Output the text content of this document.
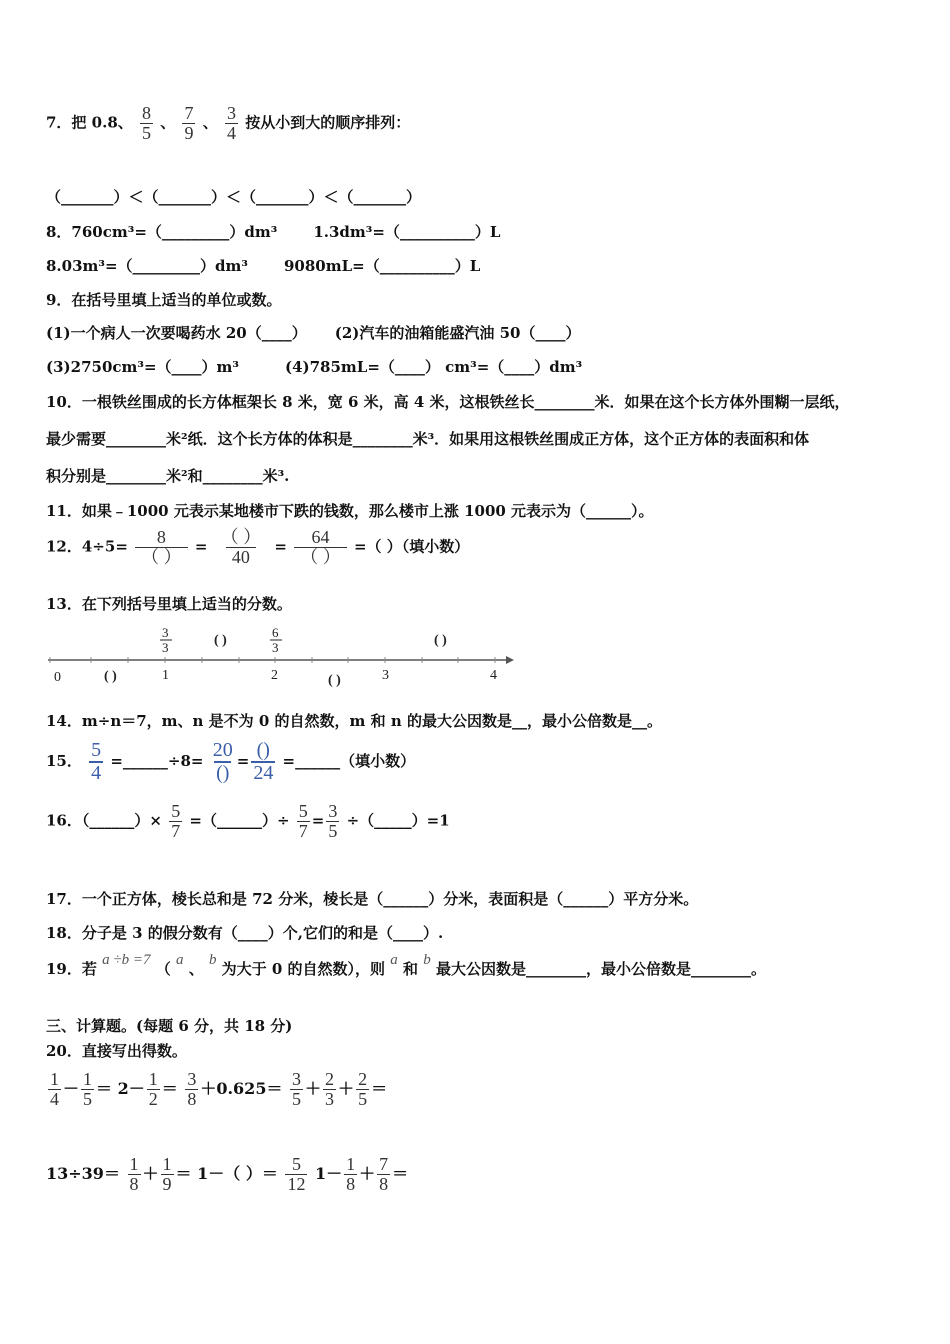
7．把 0.8、 $\frac{8}{5}$ 、 $\frac{7}{9}$ 、 $\frac{3}{4}$ 按从小到大的顺序排列：
（_______）＜（_______）＜（_______）＜（_______）
8．760cm³=（_________）dm³ 1.3dm³=（__________）L
8.03m³=（_________）dm³ 9080mL=（__________）L
9．在括号里填上适当的单位或数。
(1)一个病人一次要喝药水 20（____） (2)汽车的油箱能盛汽油 50（____）
(3)2750cm³=（____）m³	(4)785mL=（____） cm³=（____）dm³
10．一根铁丝围成的长方体框架长 8 米，宽 6 米，高 4 米，这根铁丝长________米．如果在这个长方体外围糊一层纸，
最少需要________米²纸．这个长方体的体积是________米³．如果用这根铁丝围成正方体，这个正方体的表面积和体
积分别是________米²和________米³.
11．如果﹣1000 元表示某地楼市下跌的钱数，那么楼市上涨 1000 元表示为（______）。
12．$4\div 5= \frac{8}{( )} = \frac{( )}{40} = \frac{64}{( )}$ =（ ）（填小数）
13．在下列括号里填上适当的分数。
0	1	2	3	4
3
3
6
3
( )	( )
( )	( )
14．m÷n＝7，m、n 是不为 0 的自然数，m 和 n 的最大公因数是__，最小公倍数是__。
15． $\frac{5}{4}$ =______÷8= $\frac{20}{()} = \frac{()}{24}$ =______（填小数）
16．（______）× $\frac{5}{7}$ =（______）÷ $\frac{5}{7} = \frac{3}{5}$ ÷（_____）=1
17．一个正方体，棱长总和是 72 分米，棱长是（______）分米，表面积是（______）平方分米。
18．分子是 3 的假分数有（____）个,它们的和是（____）.
19．若 a ÷b =7 （ a 、 b 为大于 0 的自然数），则 a 和 b 最大公因数是________，最小公倍数是________。
三、计算题。(每题 6 分，共 18 分)
20．直接写出得数。
$\frac{1}{4} - \frac{1}{5} = 2- \frac{1}{2} = \frac{3}{8} +0.625= \frac{3}{5} + \frac{2}{3} + \frac{2}{5}$ ＝
$13\div 39= \frac{1}{8} + \frac{1}{9} = 1-$（ ）＝ $\frac{5}{12} 1- \frac{1}{8} + \frac{7}{8}$ ＝
